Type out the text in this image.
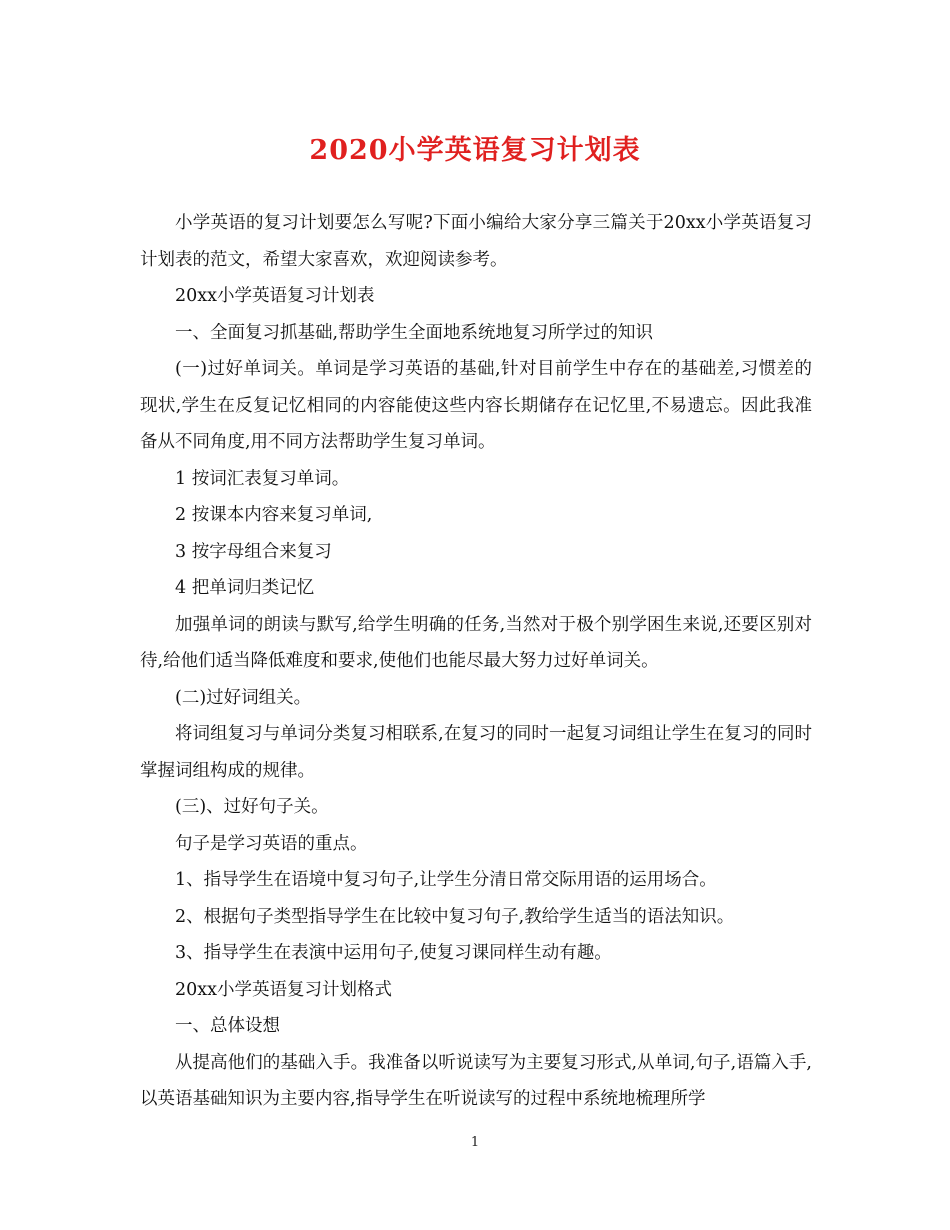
2020小学英语复习计划表

小学英语的复习计划要怎么写呢?下面小编给大家分享三篇关于20xx小学英语复习计划表的范文，希望大家喜欢，欢迎阅读参考。

20xx小学英语复习计划表

一、全面复习抓基础,帮助学生全面地系统地复习所学过的知识

(一)过好单词关。单词是学习英语的基础,针对目前学生中存在的基础差,习惯差的现状,学生在反复记忆相同的内容能使这些内容长期储存在记忆里,不易遗忘。因此我准备从不同角度,用不同方法帮助学生复习单词。

1 按词汇表复习单词。

2 按课本内容来复习单词,

3 按字母组合来复习

4 把单词归类记忆

加强单词的朗读与默写,给学生明确的任务,当然对于极个别学困生来说,还要区别对待,给他们适当降低难度和要求,使他们也能尽最大努力过好单词关。

(二)过好词组关。

将词组复习与单词分类复习相联系,在复习的同时一起复习词组让学生在复习的同时掌握词组构成的规律。

(三)、过好句子关。

句子是学习英语的重点。

1、指导学生在语境中复习句子,让学生分清日常交际用语的运用场合。

2、根据句子类型指导学生在比较中复习句子,教给学生适当的语法知识。

3、指导学生在表演中运用句子,使复习课同样生动有趣。

20xx小学英语复习计划格式

一、总体设想

从提高他们的基础入手。我准备以听说读写为主要复习形式,从单词,句子,语篇入手,以英语基础知识为主要内容,指导学生在听说读写的过程中系统地梳理所学

1
